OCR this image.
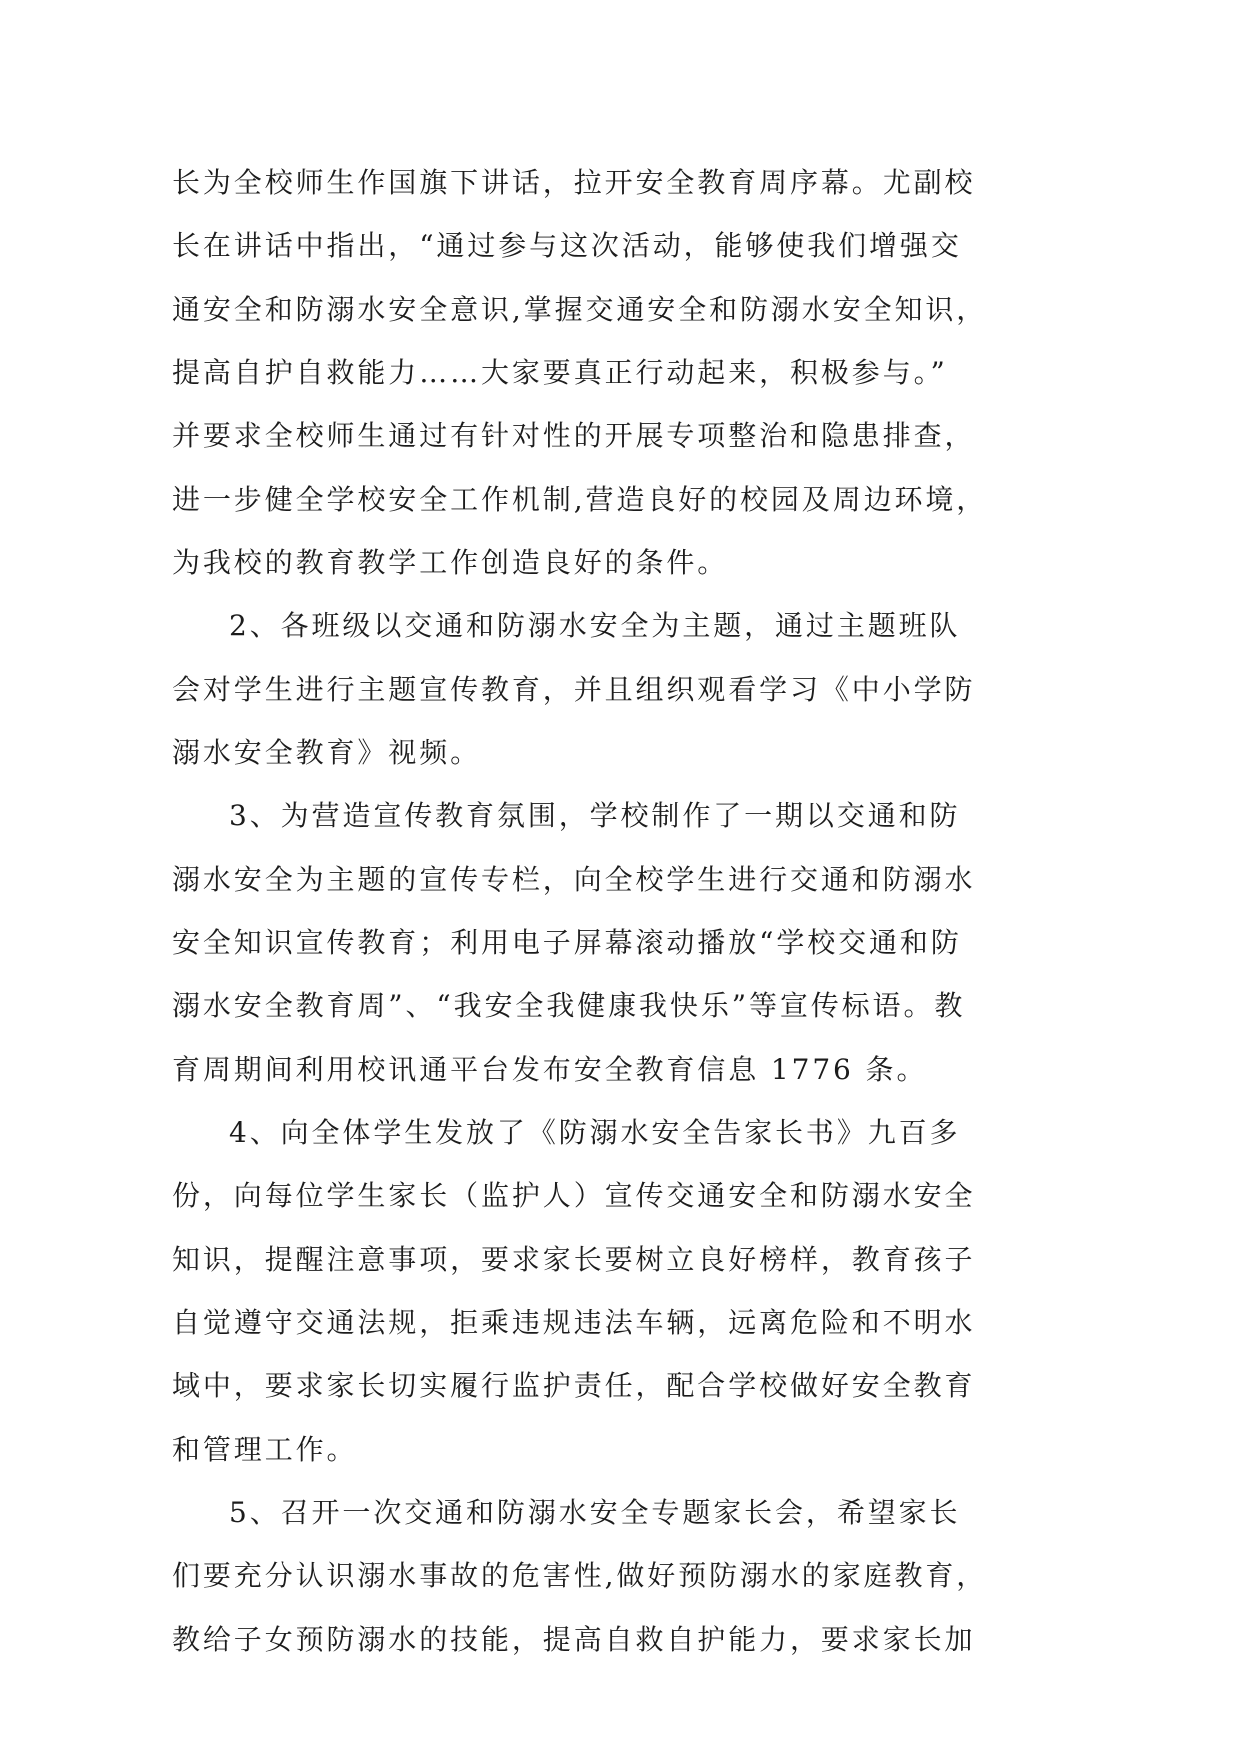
长为全校师生作国旗下讲话，拉开安全教育周序幕。尤副校
长在讲话中指出，“通过参与这次活动，能够使我们增强交
通安全和防溺水安全意识,掌握交通安全和防溺水安全知识，
提高自护自救能力……大家要真正行动起来，积极参与。”
并要求全校师生通过有针对性的开展专项整治和隐患排查，
进一步健全学校安全工作机制,营造良好的校园及周边环境，
为我校的教育教学工作创造良好的条件。
2、各班级以交通和防溺水安全为主题，通过主题班队
会对学生进行主题宣传教育，并且组织观看学习《中小学防
溺水安全教育》视频。
3、为营造宣传教育氛围，学校制作了一期以交通和防
溺水安全为主题的宣传专栏，向全校学生进行交通和防溺水
安全知识宣传教育；利用电子屏幕滚动播放“学校交通和防
溺水安全教育周”、“我安全我健康我快乐”等宣传标语。教
育周期间利用校讯通平台发布安全教育信息 1776 条。
4、向全体学生发放了《防溺水安全告家长书》九百多
份，向每位学生家长（监护人）宣传交通安全和防溺水安全
知识，提醒注意事项，要求家长要树立良好榜样，教育孩子
自觉遵守交通法规，拒乘违规违法车辆，远离危险和不明水
域中，要求家长切实履行监护责任，配合学校做好安全教育
和管理工作。
5、召开一次交通和防溺水安全专题家长会，希望家长
们要充分认识溺水事故的危害性,做好预防溺水的家庭教育，
教给子女预防溺水的技能，提高自救自护能力，要求家长加
